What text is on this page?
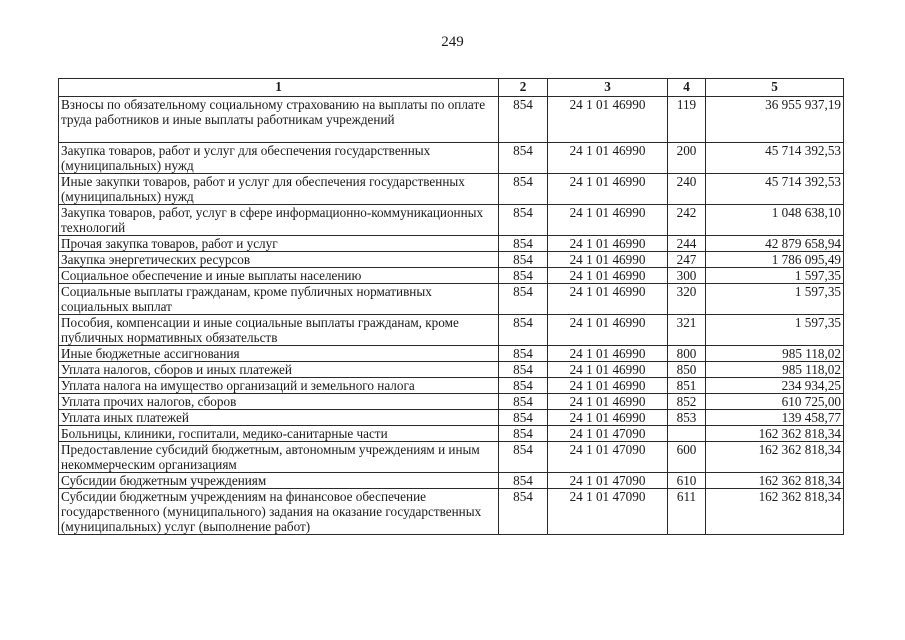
249
1	2	3	4	5
Взносы по обязательному социальному страхованию на выплаты по оплате труда работников и иные выплаты работникам учреждений	854	24 1 01 46990	119	36 955 937,19
Закупка товаров, работ и услуг для обеспечения государственных (муниципальных) нужд	854	24 1 01 46990	200	45 714 392,53
Иные закупки товаров, работ и услуг для обеспечения государственных (муниципальных) нужд	854	24 1 01 46990	240	45 714 392,53
Закупка товаров, работ, услуг в сфере информационно-коммуникационных технологий	854	24 1 01 46990	242	1 048 638,10
Прочая закупка товаров, работ и услуг	854	24 1 01 46990	244	42 879 658,94
Закупка энергетических ресурсов	854	24 1 01 46990	247	1 786 095,49
Социальное обеспечение и иные выплаты населению	854	24 1 01 46990	300	1 597,35
Социальные выплаты гражданам, кроме публичных нормативных социальных выплат	854	24 1 01 46990	320	1 597,35
Пособия, компенсации и иные социальные выплаты гражданам, кроме публичных нормативных обязательств	854	24 1 01 46990	321	1 597,35
Иные бюджетные ассигнования	854	24 1 01 46990	800	985 118,02
Уплата налогов, сборов и иных платежей	854	24 1 01 46990	850	985 118,02
Уплата налога на имущество организаций и земельного налога	854	24 1 01 46990	851	234 934,25
Уплата прочих налогов, сборов	854	24 1 01 46990	852	610 725,00
Уплата иных платежей	854	24 1 01 46990	853	139 458,77
Больницы, клиники, госпитали, медико-санитарные части	854	24 1 01 47090		162 362 818,34
Предоставление субсидий бюджетным, автономным учреждениям и иным некоммерческим организациям	854	24 1 01 47090	600	162 362 818,34
Субсидии бюджетным учреждениям	854	24 1 01 47090	610	162 362 818,34
Субсидии бюджетным учреждениям на финансовое обеспечение государственного (муниципального) задания на оказание государственных (муниципальных) услуг (выполнение работ)	854	24 1 01 47090	611	162 362 818,34
